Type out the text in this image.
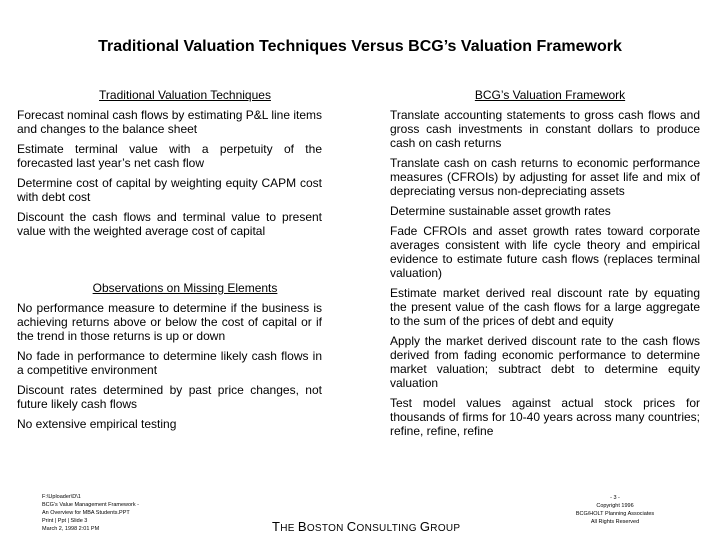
Traditional Valuation Techniques Versus BCG’s Valuation Framework
Traditional Valuation Techniques	BCG’s Valuation Framework

Forecast nominal cash flows by estimating P&L line items and changes to the balance sheet

Estimate terminal value with a perpetuity of the forecasted last year’s net cash flow

Determine cost of capital by weighting equity CAPM cost with debt cost

Discount the cash flows and terminal value to present value with the weighted average cost of capital

Observations on Missing Elements

No performance measure to determine if the business is achieving returns above or below the cost of capital or if the trend in those returns is up or down

No fade in performance to determine likely cash flows in a competitive environment

Discount rates determined by past price changes, not future likely cash flows

No extensive empirical testing

Translate accounting statements to gross cash flows and gross cash investments in constant dollars to produce cash on cash returns

Translate cash on cash returns to economic performance measures (CFROIs) by adjusting for asset life and mix of depreciating versus non-depreciating assets

Determine sustainable asset growth rates

Fade CFROIs and asset growth rates toward corporate averages consistent with life cycle theory and empirical evidence to estimate future cash flows (replaces terminal valuation)

Estimate market derived real discount rate by equating the present value of the cash flows for a large aggregate to the sum of the prices of debt and equity

Apply the market derived discount rate to the cash flows derived from fading economic performance to determine market valuation; subtract debt to determine equity valuation

Test model values against actual stock prices for thousands of firms for 10-40 years across many countries; refine, refine, refine

F:\Uploader\D\1
BCG’s Value Management Framework -
An Overview for MBA Students.PPT
Print | Ppt | Slide 3
March 2, 1998 2:01 PM	THE BOSTON CONSULTING GROUP
- 3 -
Copyright 1996
BCG/HOLT Planning Associates
All Rights Reserved
